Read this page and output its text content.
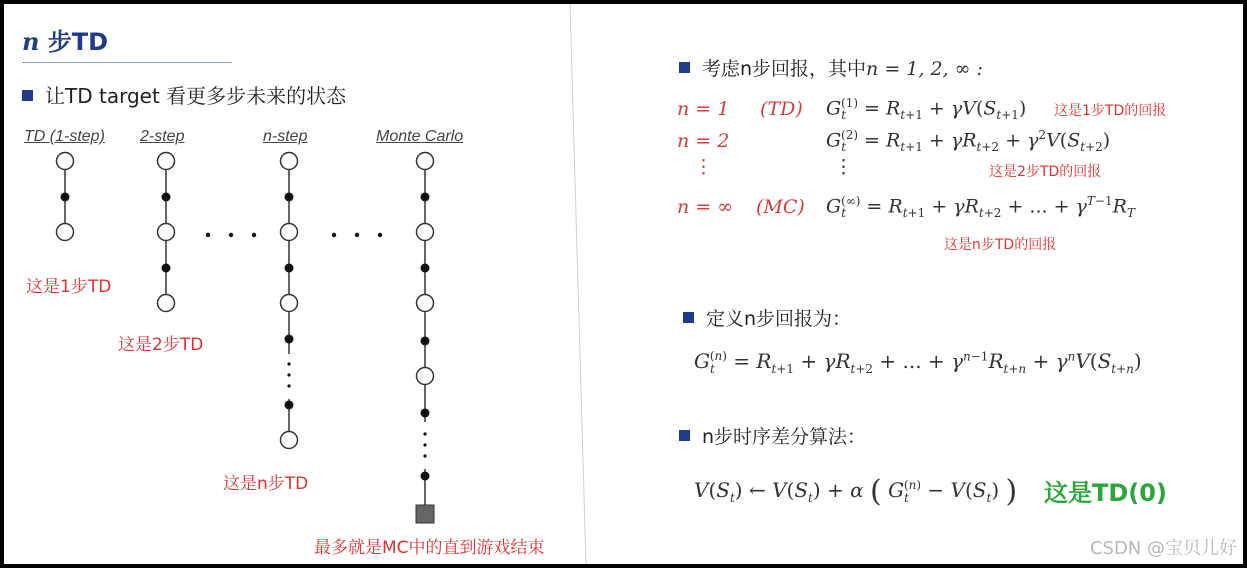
n 步TD
让TD target 看更多步未来的状态
TD (1-step) 2-step	n-step	Monte Carlo
这是1步TD
这是2步TD
这是n步TD
最多就是MC中的直到游戏结束
考虑n步回报，其中n = 1, 2, ∞ :
n = 1 (TD) $G_t^{(1)} = R_{t+1} + \gamma V(S_{t+1})$ 这是1步TD的回报
n = 2	$G_t^{(2)} = R_{t+1} + \gamma R_{t+2} + \gamma^2V(S_{t+2})$
⋮	⋮	这是2步TD的回报
n = ∞ (MC) $G_t^{(\infty)} = R_{t+1} + \gamma R_{t+2}$ + ... + $\gamma^{T-1}R_T$
这是n步TD的回报
定义n步回报为：
$G_t^{(n)} = R_{t+1} + \gamma R_{t+2}$ + ... + $\gamma^{n-1}R_{t+n} + \gamma^nV(S_{t+n})$
n步时序差分算法：
$V(S_t)$ ← $V(S_t) + \alpha$ ( $G_t^{(n)} - V(S_t)$ ) 这是TD(0)
CSDN @宝贝儿好
